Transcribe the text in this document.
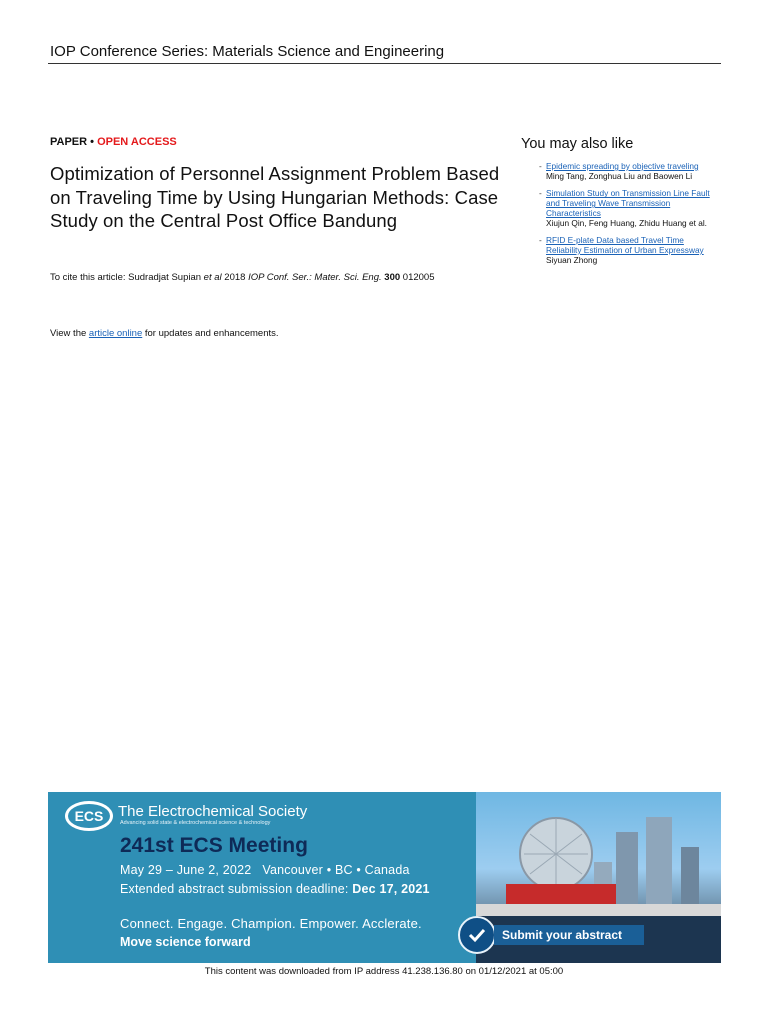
IOP Conference Series: Materials Science and Engineering
PAPER • OPEN ACCESS
Optimization of Personnel Assignment Problem Based on Traveling Time by Using Hungarian Methods: Case Study on the Central Post Office Bandung
To cite this article: Sudradjat Supian et al 2018 IOP Conf. Ser.: Mater. Sci. Eng. 300 012005
View the article online for updates and enhancements.
You may also like
- Epidemic spreading by objective traveling
Ming Tang, Zonghua Liu and Baowen Li
- Simulation Study on Transmission Line Fault and Traveling Wave Transmission Characteristics
Xiujun Qin, Feng Huang, Zhidu Huang et al.
- RFID E-plate Data based Travel Time Reliability Estimation of Urban Expressway
Siyuan Zhong
ECS The Electrochemical Society
Advancing solid state & electrochemical science & technology
241st ECS Meeting
May 29 – June 2, 2022   Vancouver • BC • Canada
Extended abstract submission deadline: Dec 17, 2021
Connect. Engage. Champion. Empower. Acclerate.
Move science forward	Submit your abstract
This content was downloaded from IP address 41.238.136.80 on 01/12/2021 at 05:00
